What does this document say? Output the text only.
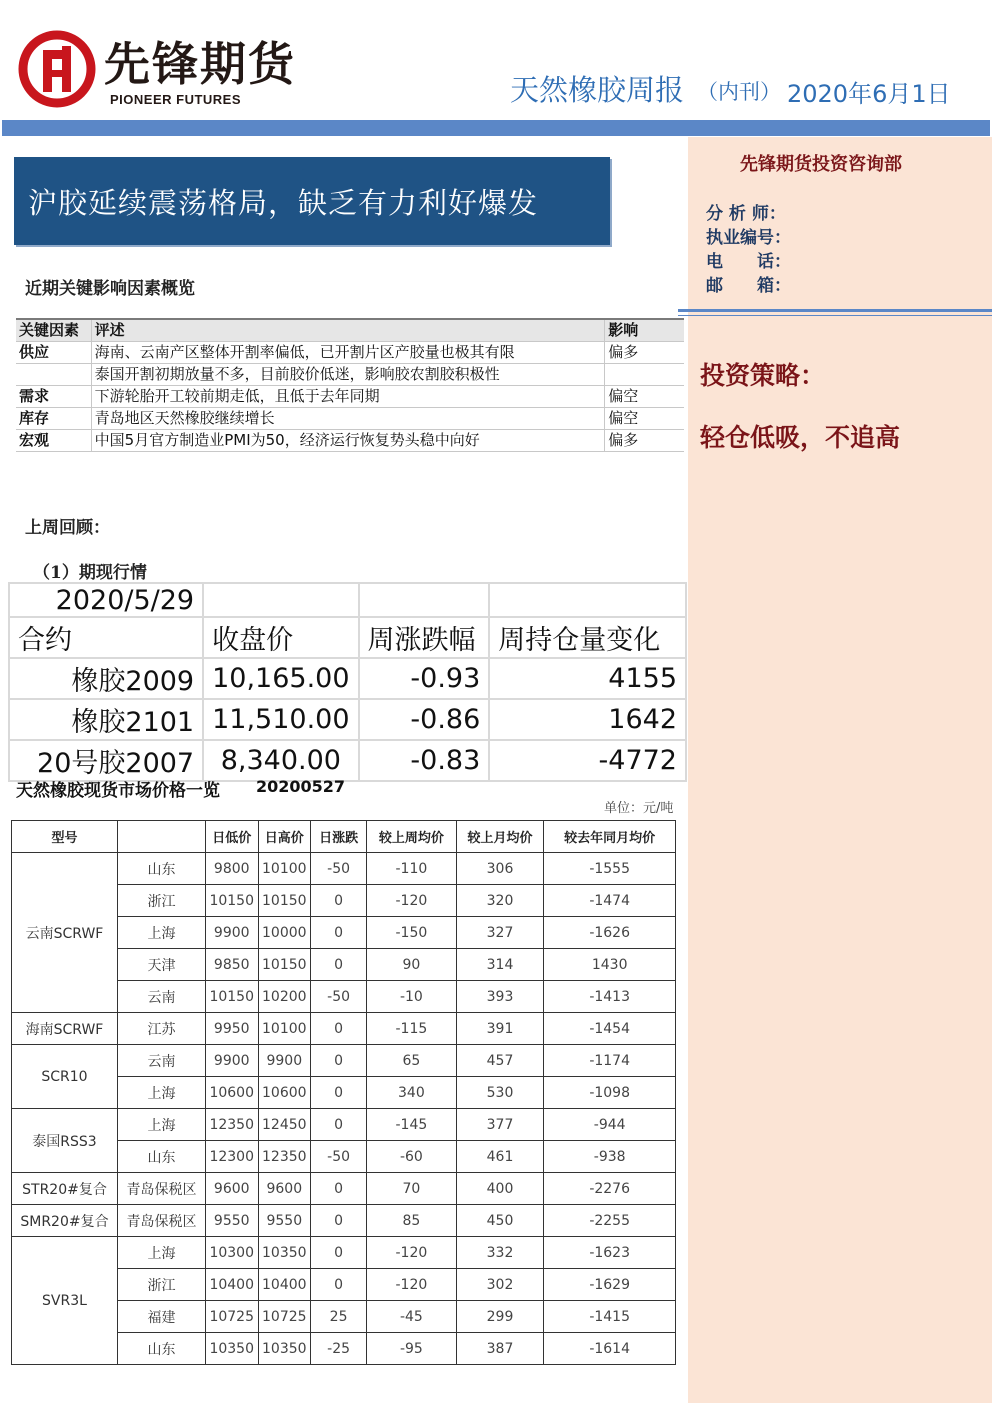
先锋期货
PIONEER FUTURES	天然橡胶周报 （内刊） 2020年6月1日
先锋期货投资咨询部
分 析 师：
执业编号：
电　　话：
邮　　箱：
投资策略：
轻仓低吸，不追高
沪胶延续震荡格局，缺乏有力利好爆发
近期关键影响因素概览
关键因素	评述	影响
供应	海南、云南产区整体开割率偏低，已开割片区产胶量也极其有限	偏多
	泰国开割初期放量不多，目前胶价低迷，影响胶农割胶积极性	
需求	下游轮胎开工较前期走低，且低于去年同期	偏空
库存	青岛地区天然橡胶继续增长	偏空
宏观	中国5月官方制造业PMI为50，经济运行恢复势头稳中向好	偏多
上周回顾：
（1）期现行情
2020/5/29			
合约	收盘价	周涨跌幅	周持仓量变化
橡胶2009	10,165.00	-0.93	4155
橡胶2101	11,510.00	-0.86	1642
20号胶2007	8,340.00	-0.83	-4772
天然橡胶现货市场价格一览 20200527
单位：元/吨
型号		日低价	日高价	日涨跌	较上周均价	较上月均价	较去年同月均价
云南SCRWF	山东	9800	10100	-50	-110	306	-1555
	浙江	10150	10150	0	-120	320	-1474
	上海	9900	10000	0	-150	327	-1626
	天津	9850	10150	0	90	314	1430
	云南	10150	10200	-50	-10	393	-1413
海南SCRWF	江苏	9950	10100	0	-115	391	-1454
SCR10	云南	9900	9900	0	65	457	-1174
	上海	10600	10600	0	340	530	-1098
泰国RSS3	上海	12350	12450	0	-145	377	-944
	山东	12300	12350	-50	-60	461	-938
STR20#复合	青岛保税区	9600	9600	0	70	400	-2276
SMR20#复合	青岛保税区	9550	9550	0	85	450	-2255
SVR3L	上海	10300	10350	0	-120	332	-1623
	浙江	10400	10400	0	-120	302	-1629
	福建	10725	10725	25	-45	299	-1415
	山东	10350	10350	-25	-95	387	-1614
